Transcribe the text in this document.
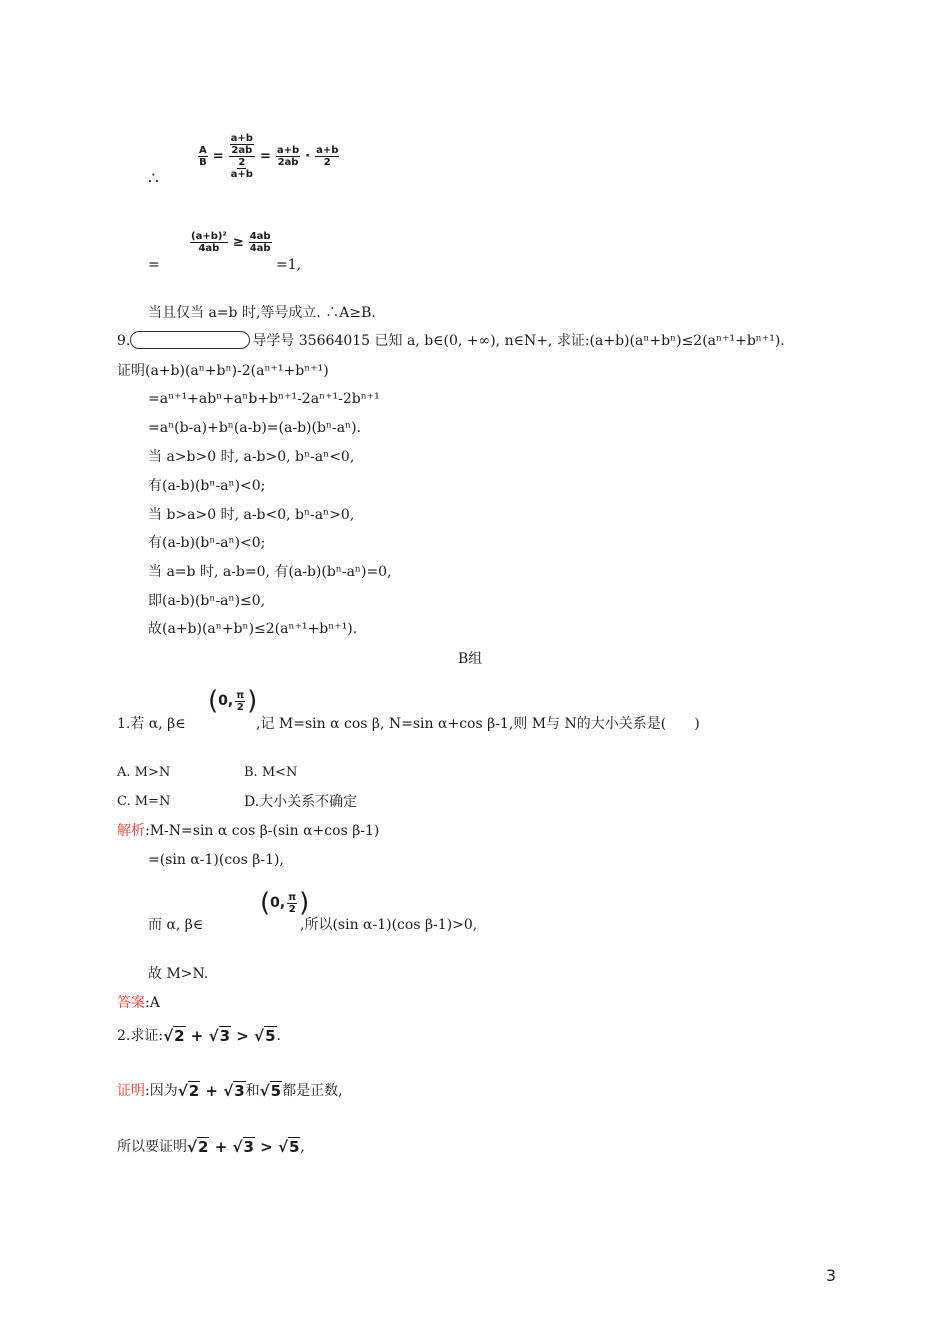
$\frac{A}{B} = \frac{\frac{a+b}{2ab}}{\frac{2}{a+b}} = \frac{a+b}{2ab} \cdot \frac{a+b}{2}$
∴
=
$\frac{\text{(a+b)²}}{4ab} \ge \frac{4ab}{4ab}$
=1,
当且仅当 a=b 时,等号成立. ∴A≥B.
9.	导学号 35664015 已知 a, b∈(0, +∞), n∈N+, 求证:(a+b)(aⁿ+bⁿ)≤2(aⁿ⁺¹+bⁿ⁺¹).
证明(a+b)(aⁿ+bⁿ)-2(aⁿ⁺¹+bⁿ⁺¹)
=aⁿ⁺¹+abⁿ+aⁿb+bⁿ⁺¹-2aⁿ⁺¹-2bⁿ⁺¹
=aⁿ(b-a)+bⁿ(a-b)=(a-b)(bⁿ-aⁿ).
当 a>b>0 时, a-b>0, bⁿ-aⁿ<0,
有(a-b)(bⁿ-aⁿ)<0;
当 b>a>0 时, a-b<0, bⁿ-aⁿ>0,
有(a-b)(bⁿ-aⁿ)<0;
当 a=b 时, a-b=0, 有(a-b)(bⁿ-aⁿ)=0,
即(a-b)(bⁿ-aⁿ)≤0,
故(a+b)(aⁿ+bⁿ)≤2(aⁿ⁺¹+bⁿ⁺¹).
B组
( 0, $\frac{\pi}{2}$ )
1.若 α, β∈	,记 M=sin α cos β, N=sin α+cos β-1,则 M与 N的大小关系是(　　)
A. M>N	B. M<N
C. M=N	D.大小关系不确定
解析:M-N=sin α cos β-(sin α+cos β-1)
=(sin α-1)(cos β-1),
( 0, $\frac{\pi}{2}$ )
而 α, β∈	,所以(sin α-1)(cos β-1)>0,
故 M>N.
答案:A
2.求证: √2 + √3 > √5 .
证明 :因为 √2 + √3 和 √5 都是正数,
所以要证明 √2 + √3 > √5 ,
3
